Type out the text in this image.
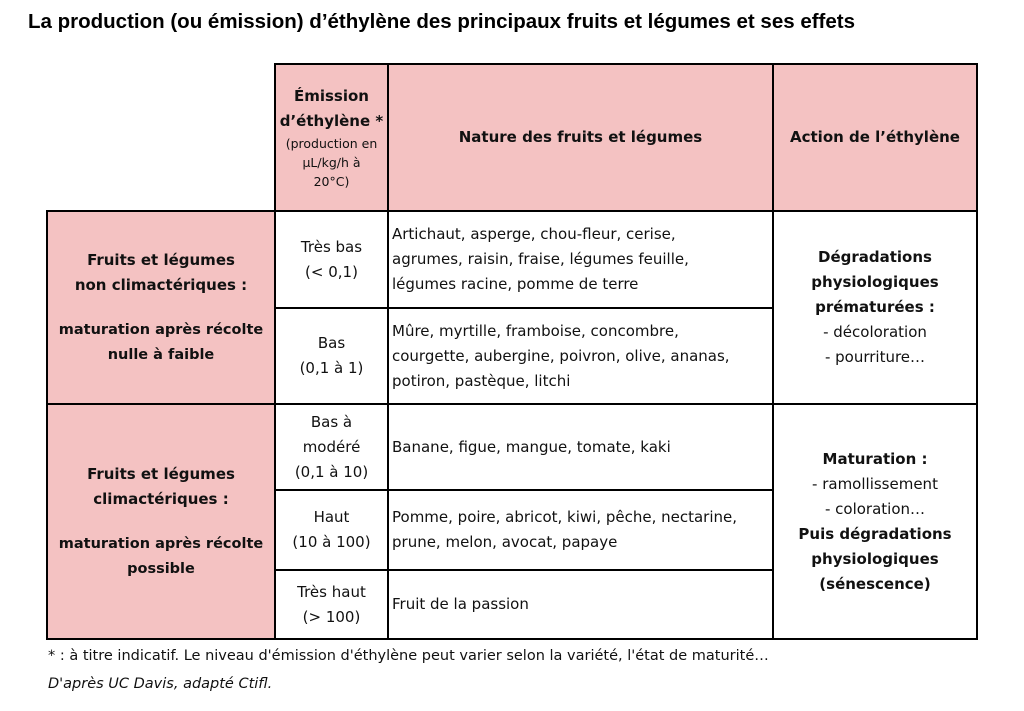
La production (ou émission) d’éthylène des principaux fruits et légumes et ses effets
Émission
d’éthylène *
(production en
µL/kg/h à
20°C)
Nature des fruits et légumes	Action de l’éthylène
Fruits et légumes
non climactériques :
maturation après récolte
nulle à faible
Fruits et légumes
climactériques :
maturation après récolte
possible
Très bas
(< 0,1)
Bas
(0,1 à 1)
Bas à
modéré
(0,1 à 10)
Haut
(10 à 100)
Très haut
(> 100)
Artichaut, asperge, chou-fleur, cerise,
agrumes, raisin, fraise, légumes feuille,
légumes racine, pomme de terre
Mûre, myrtille, framboise, concombre,
courgette, aubergine, poivron, olive, ananas,
potiron, pastèque, litchi
Banane, figue, mangue, tomate, kaki
Pomme, poire, abricot, kiwi, pêche, nectarine,
prune, melon, avocat, papaye
Fruit de la passion
Dégradations
physiologiques
prématurées :
- décoloration
- pourriture…
Maturation :
- ramollissement
- coloration…
Puis dégradations
physiologiques
(sénescence)
* : à titre indicatif. Le niveau d'émission d'éthylène peut varier selon la variété, l'état de maturité…
D'après UC Davis, adapté Ctifl.
